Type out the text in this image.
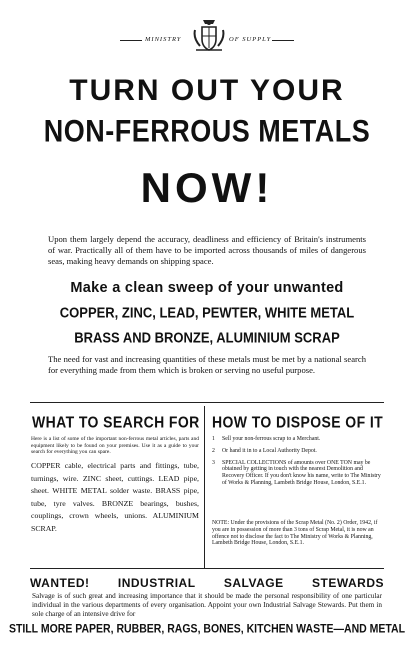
MINISTRY	OF SUPPLY
TURN OUT YOUR
NON-FERROUS METALS
NOW!
Upon them largely depend the accuracy, deadliness and efficiency of Britain's instruments of war. Practically all of them have to be imported across thousands of miles of dangerous seas, making heavy demands on shipping space.
Make a clean sweep of your unwanted
COPPER, ZINC, LEAD, PEWTER, WHITE METAL
BRASS AND BRONZE, ALUMINIUM SCRAP
The need for vast and increasing quantities of these metals must be met by a national search for everything made from them which is broken or serving no useful purpose.
WHAT TO SEARCH FOR
Here is a list of some of the important non-ferrous metal articles, parts and equipment likely to be found on your premises. Use it as a guide to your search for everything you can spare.
COPPER cable, electrical parts and fittings, tube, turnings, wire. ZINC sheet, cuttings. LEAD pipe, sheet. WHITE METAL solder waste. BRASS pipe, tube, tyre valves. BRONZE bearings, bushes, couplings, crown wheels, unions. ALUMINIUM SCRAP.
HOW TO DISPOSE OF IT
1 Sell your non-ferrous scrap to a Merchant.
2 Or hand it in to a Local Authority Depot.
3 SPECIAL COLLECTIONS of amounts over ONE TON may be obtained by getting in touch with the nearest Demolition and Recovery Officer. If you don't know his name, write to The Ministry of Works & Planning, Lambeth Bridge House, London, S.E.1.
NOTE: Under the provisions of the Scrap Metal (No. 2) Order, 1942, if you are in possession of more than 3 tons of Scrap Metal, it is now an offence not to disclose the fact to The Ministry of Works & Planning, Lambeth Bridge House, London, S.E.1.
WANTED! INDUSTRIAL SALVAGE STEWARDS
Salvage is of such great and increasing importance that it should be made the personal responsibility of one particular individual in the various departments of every organisation. Appoint your own Industrial Salvage Stewards. Put them in sole charge of an intensive drive for
STILL MORE PAPER, RUBBER, RAGS, BONES, KITCHEN WASTE—AND METAL
